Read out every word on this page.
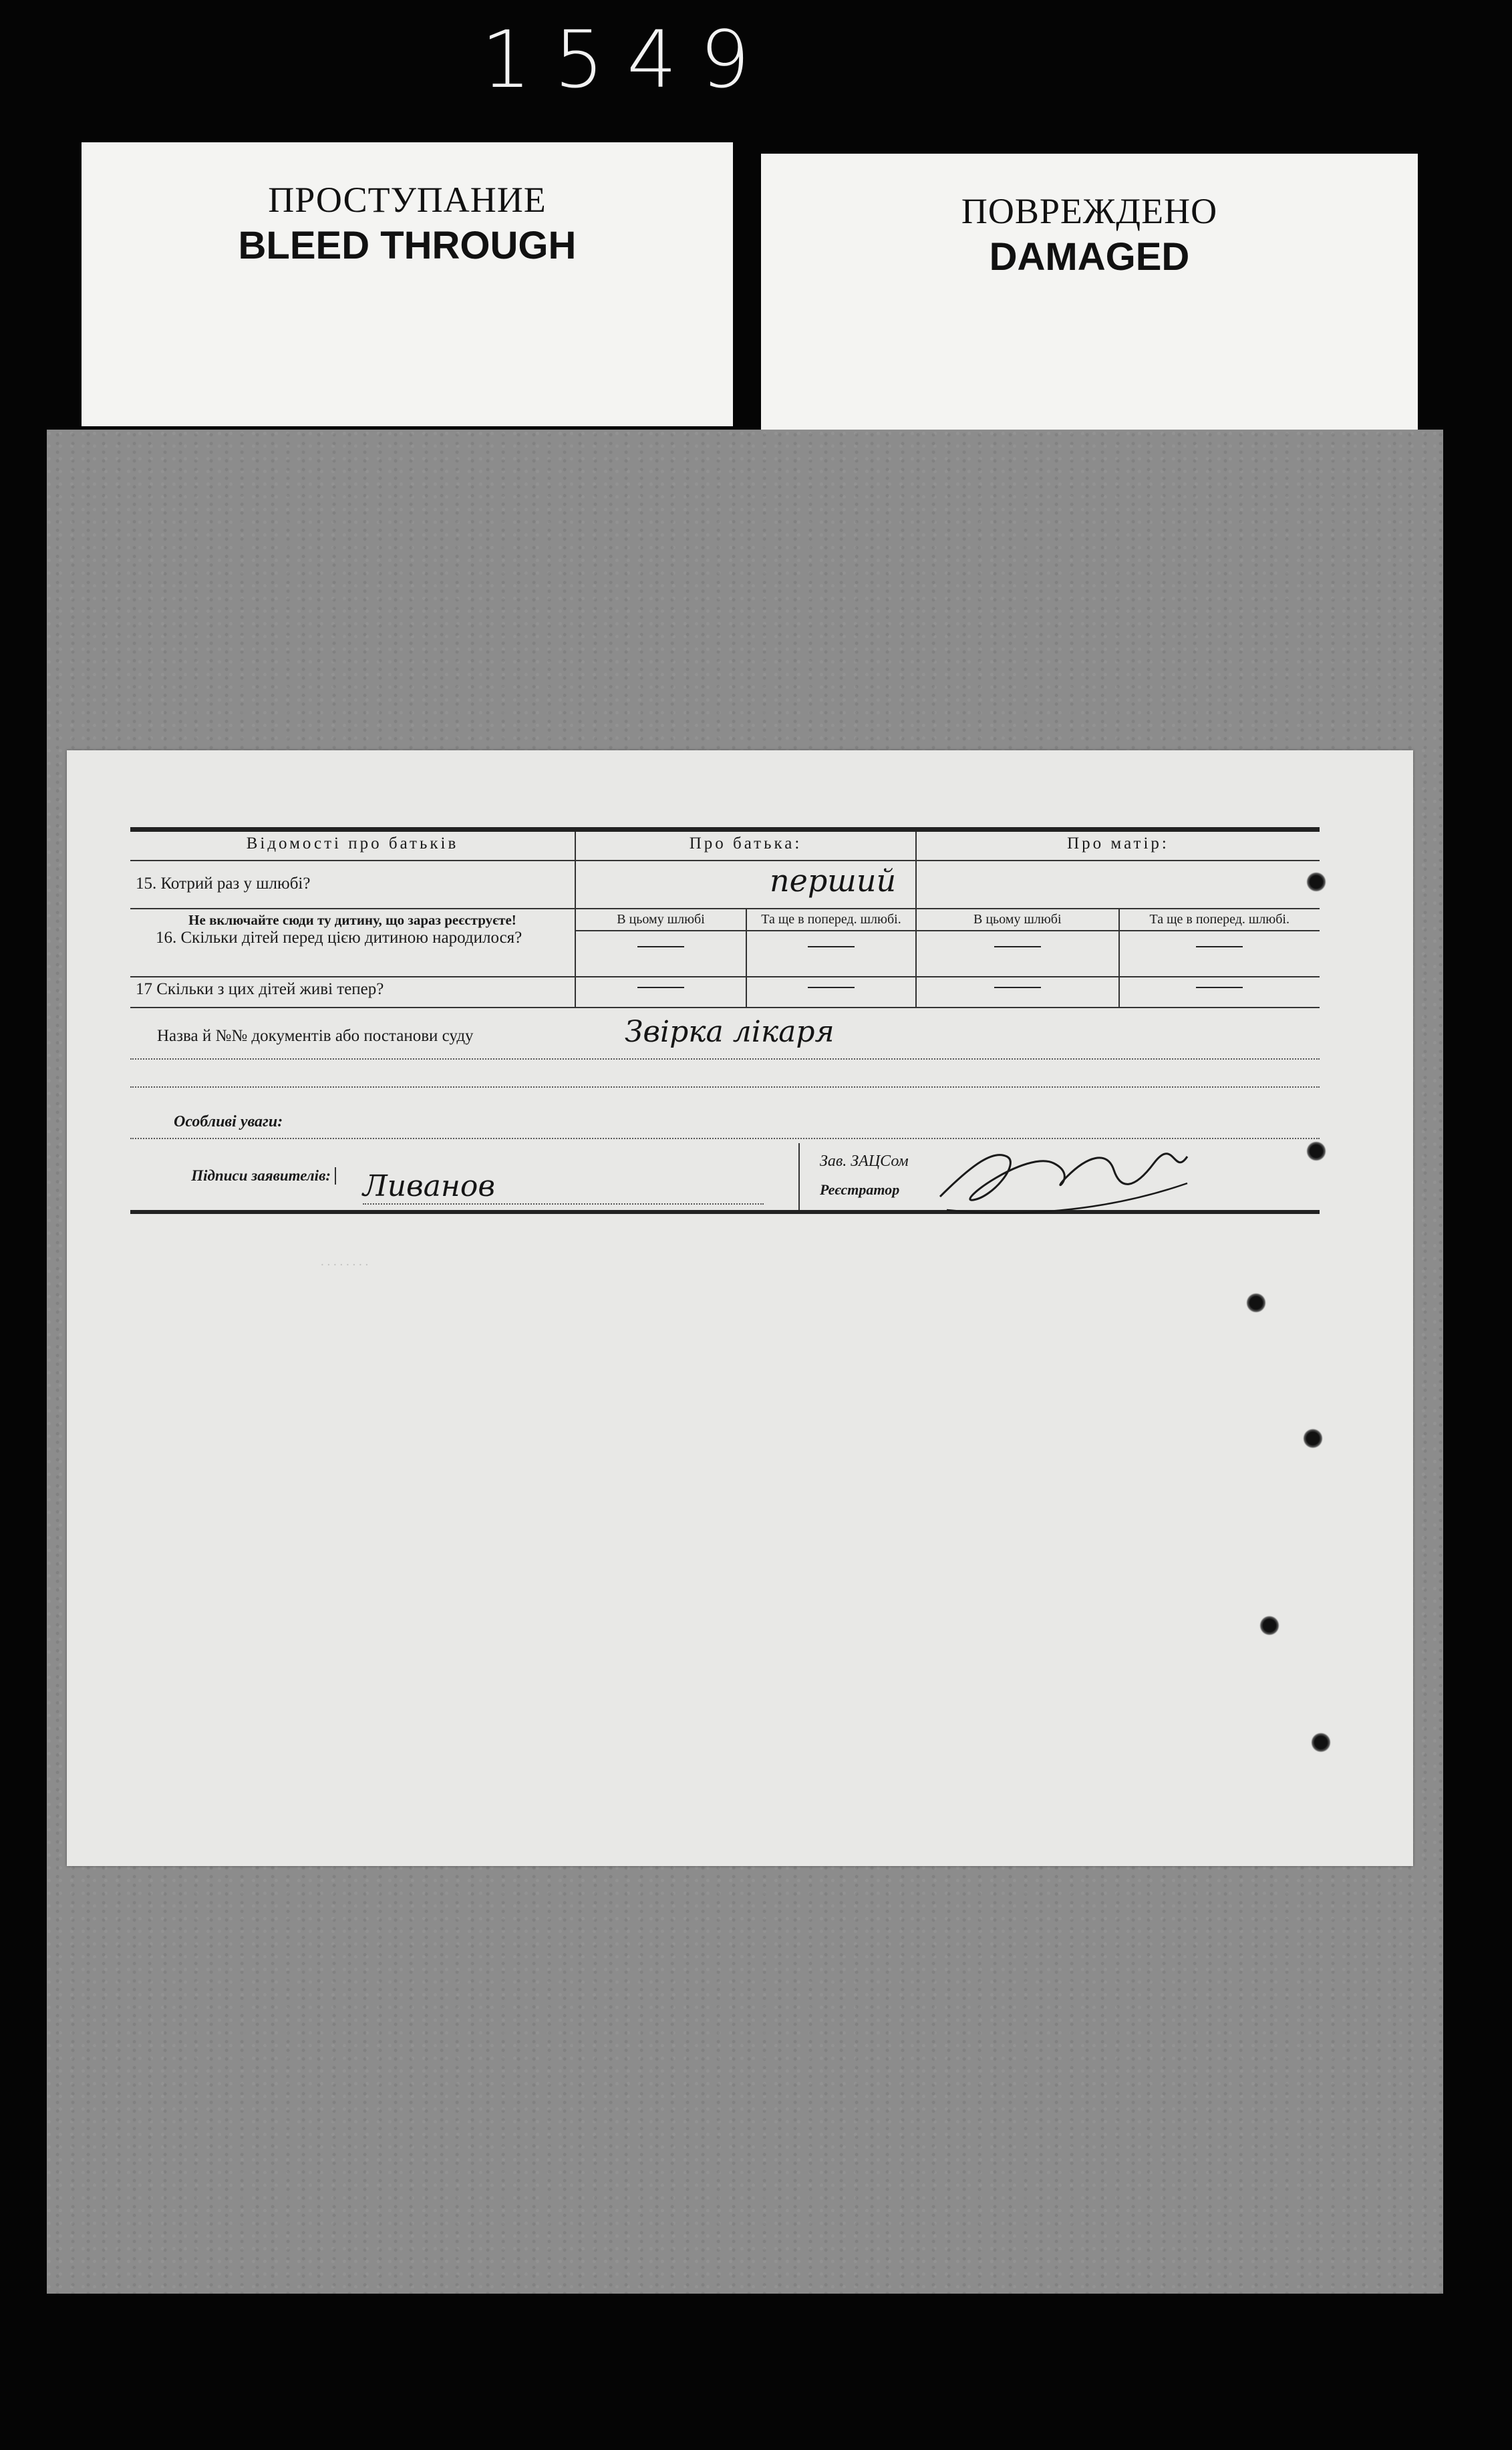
1549
ПРОСТУПАНИЕ
BLEED THROUGH
ПОВРЕЖДЕНО
DAMAGED
Відомості про батьків	Про батька:	Про матір:
15. Котрий раз у шлюбі?	перший
Не включайте сюди ту дитину, що зараз реєструєте!
16. Скільки дітей перед цією дитиною народилося?
В цьому шлюбі	Та ще в поперед. шлюбі.	В цьому шлюбі	Та ще в поперед. шлюбі.
17 Скільки з цих дітей живі тепер?
Назва й №№ документів або постанови суду	Звірка лікаря
Особливі уваги:
Підписи заявителів: Ливанов
Зав. ЗАЦСом
Реєстратор
. . . . . . . .
